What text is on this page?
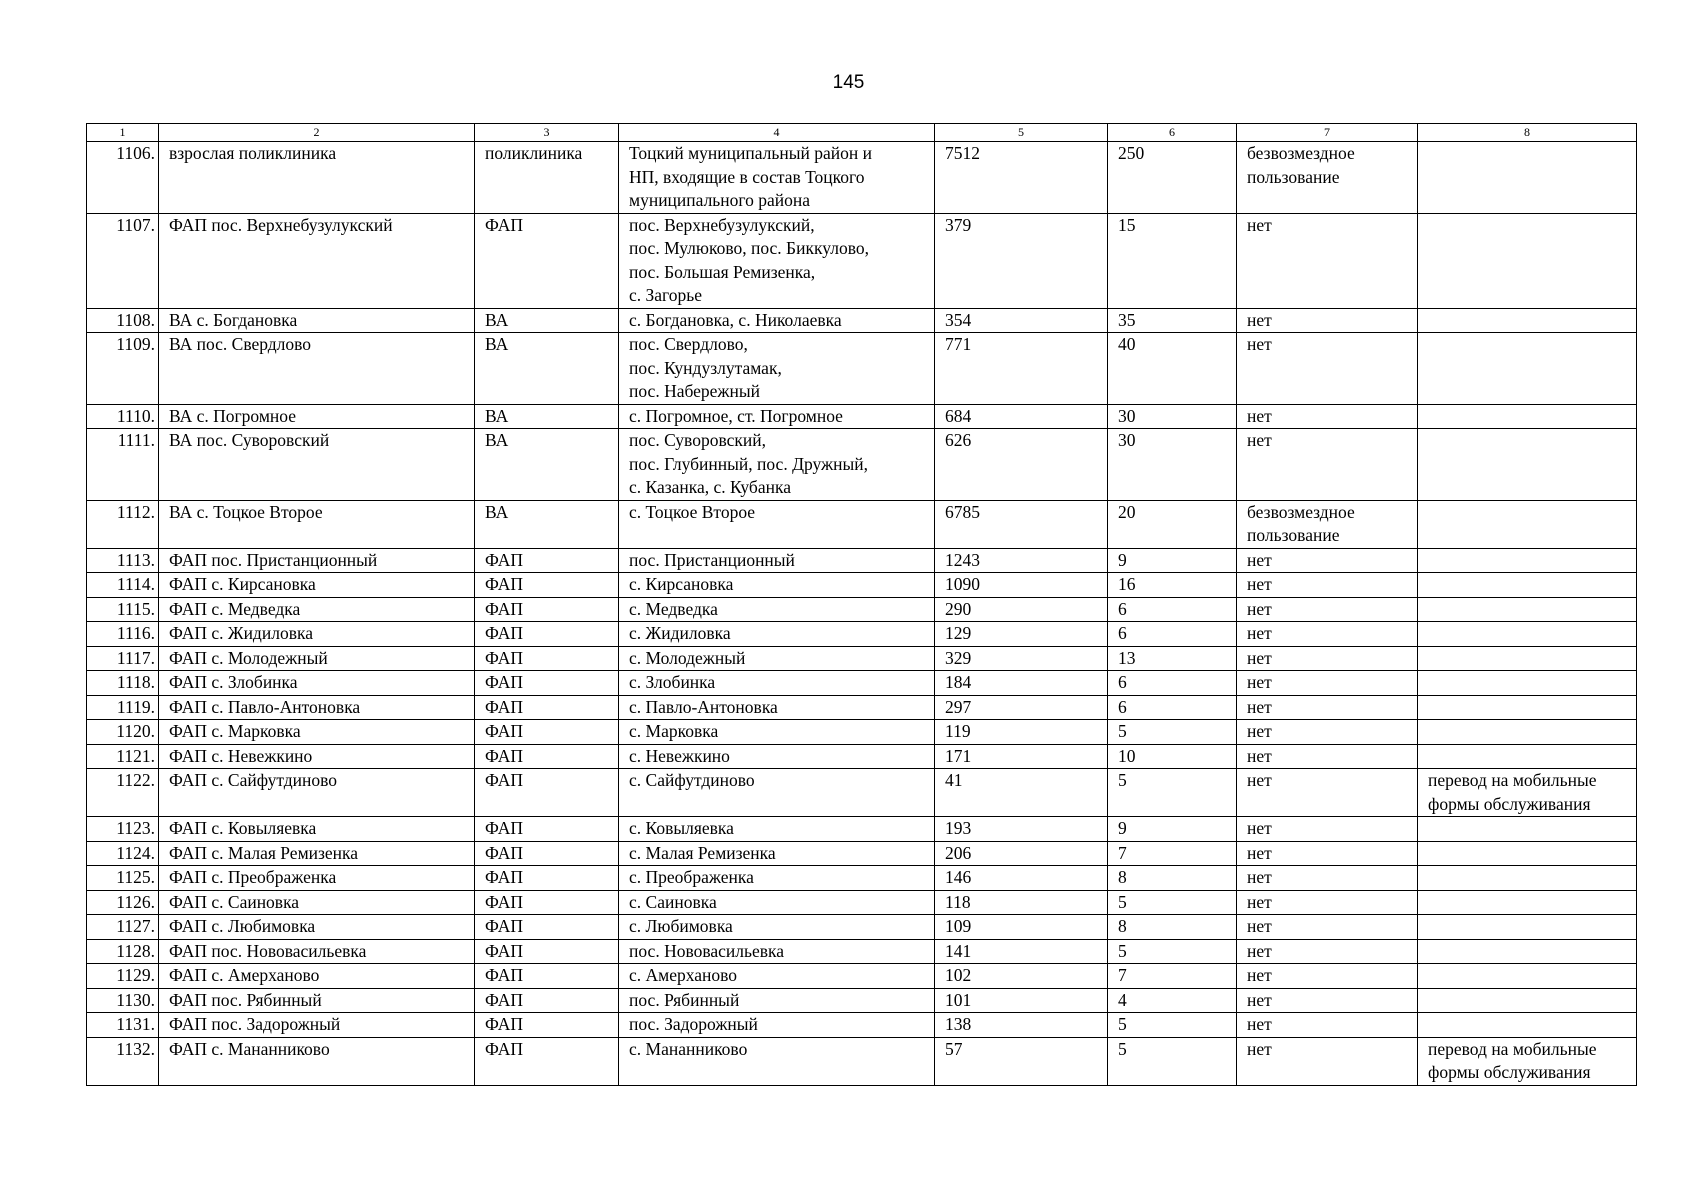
145
1	2	3	4	5	6	7	8
1106.	взрослая поликлиника	поликлиника	Тоцкий муниципальный район и
НП, входящие в состав Тоцкого
муниципального района	7512	250	безвозмездное
пользование	
1107.	ФАП пос. Верхнебузулукский	ФАП	пос. Верхнебузулукский,
пос. Мулюково, пос. Биккулово,
пос. Большая Ремизенка,
с. Загорье	379	15	нет	
1108.	ВА с. Богдановка	ВА	с. Богдановка, с. Николаевка	354	35	нет	
1109.	ВА пос. Свердлово	ВА	пос. Свердлово,
пос. Кундузлутамак,
пос. Набережный	771	40	нет	
1110.	ВА с. Погромное	ВА	с. Погромное, ст. Погромное	684	30	нет	
1111.	ВА пос. Суворовский	ВА	пос. Суворовский,
пос. Глубинный, пос. Дружный,
с. Казанка, с. Кубанка	626	30	нет	
1112.	ВА с. Тоцкое Второе	ВА	с. Тоцкое Второе	6785	20	безвозмездное
пользование	
1113.	ФАП пос. Пристанционный	ФАП	пос. Пристанционный	1243	9	нет	
1114.	ФАП с. Кирсановка	ФАП	с. Кирсановка	1090	16	нет	
1115.	ФАП с. Медведка	ФАП	с. Медведка	290	6	нет	
1116.	ФАП с. Жидиловка	ФАП	с. Жидиловка	129	6	нет	
1117.	ФАП с. Молодежный	ФАП	с. Молодежный	329	13	нет	
1118.	ФАП с. Злобинка	ФАП	с. Злобинка	184	6	нет	
1119.	ФАП с. Павло-Антоновка	ФАП	с. Павло-Антоновка	297	6	нет	
1120.	ФАП с. Марковка	ФАП	с. Марковка	119	5	нет	
1121.	ФАП с. Невежкино	ФАП	с. Невежкино	171	10	нет	
1122.	ФАП с. Сайфутдиново	ФАП	с. Сайфутдиново	41	5	нет	перевод на мобильные
формы обслуживания
1123.	ФАП с. Ковыляевка	ФАП	с. Ковыляевка	193	9	нет	
1124.	ФАП с. Малая Ремизенка	ФАП	с. Малая Ремизенка	206	7	нет	
1125.	ФАП с. Преображенка	ФАП	с. Преображенка	146	8	нет	
1126.	ФАП с. Саиновка	ФАП	с. Саиновка	118	5	нет	
1127.	ФАП с. Любимовка	ФАП	с. Любимовка	109	8	нет	
1128.	ФАП пос. Нововасильевка	ФАП	пос. Нововасильевка	141	5	нет	
1129.	ФАП с. Амерханово	ФАП	с. Амерханово	102	7	нет	
1130.	ФАП пос. Рябинный	ФАП	пос. Рябинный	101	4	нет	
1131.	ФАП пос. Задорожный	ФАП	пос. Задорожный	138	5	нет	
1132.	ФАП с. Мананниково	ФАП	с. Мананниково	57	5	нет	перевод на мобильные
формы обслуживания
